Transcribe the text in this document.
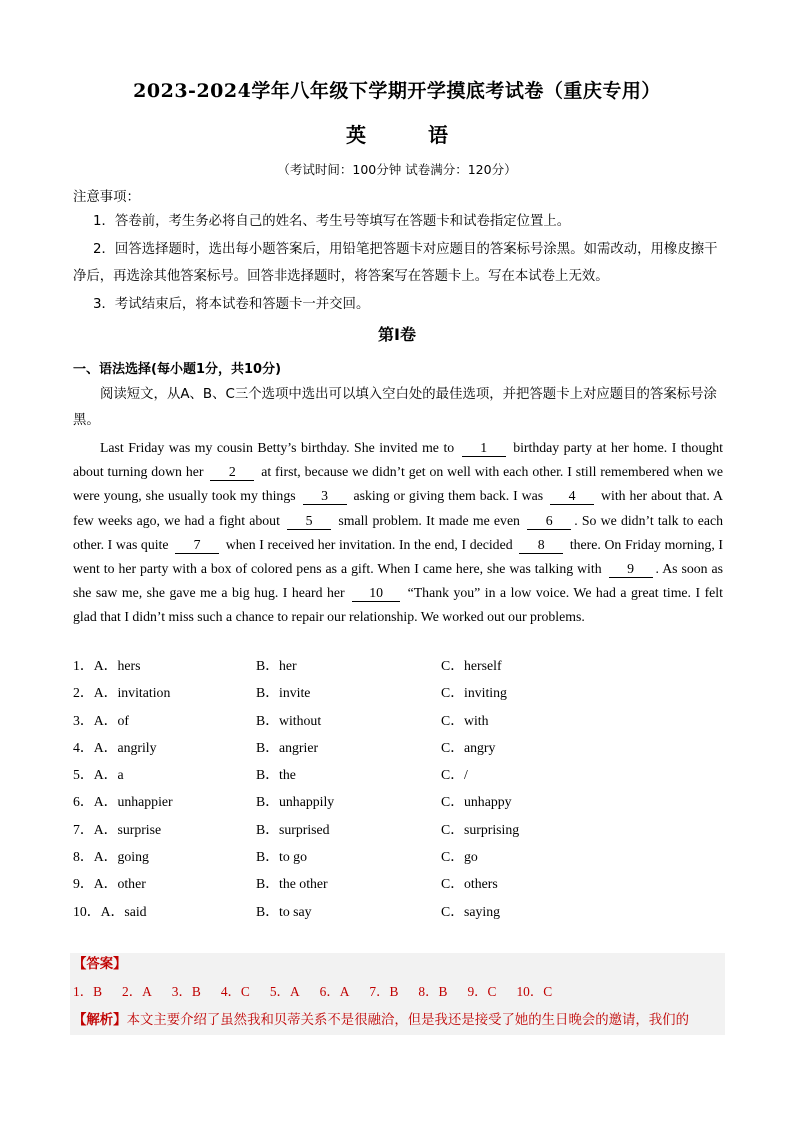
2023-2024学年八年级下学期开学摸底考试卷（重庆专用）
英	语
（考试时间：100分钟 试卷满分：120分）
注意事项：
1．答卷前，考生务必将自己的姓名、考生号等填写在答题卡和试卷指定位置上。
2．回答选择题时，选出每小题答案后，用铅笔把答题卡对应题目的答案标号涂黑。如需改动，用橡皮擦干净后，再选涂其他答案标号。回答非选择题时，将答案写在答题卡上。写在本试卷上无效。
3．考试结束后，将本试卷和答题卡一并交回。
第I卷
一、语法选择(每小题1分，共10分)
阅读短文，从A、B、C三个选项中选出可以填入空白处的最佳选项，并把答题卡上对应题目的答案标号涂黑。
Last Friday was my cousin Betty’s birthday. She invited me to 1 birthday party at her home. I thought about turning down her 2 at first, because we didn’t get on well with each other. I still remembered when we were young, she usually took my things 3 asking or giving them back. I was 4 with her about that. A few weeks ago, we had a fight about 5 small problem. It made me even 6 . So we didn’t talk to each other. I was quite 7 when I received her invitation. In the end, I decided 8 there. On Friday morning, I went to her party with a box of colored pens as a gift. When I came here, she was talking with 9 . As soon as she saw me, she gave me a big hug. I heard her 10 “Thank you” in a low voice. We had a great time. I felt glad that I didn’t miss such a chance to repair our relationship. We worked out our problems.
1．A．hers	B．her	C．herself
2．A．invitation	B．invite	C．inviting
3．A．of	B．without	C．with
4．A．angrily	B．angrier	C．angry
5．A．a	B．the	C．/
6．A．unhappier	B．unhappily	C．unhappy
7．A．surprise	B．surprised	C．surprising
8．A．going	B．to go	C．go
9．A．other	B．the other	C．others
10．A．said	B．to say	C．saying
【答案】
1．B 2．A 3．B 4．C 5．A 6．A 7．B 8．B 9．C 10．C
【解析】本文主要介绍了虽然我和贝蒂关系不是很融洽，但是我还是接受了她的生日晚会的邀请，我们的
